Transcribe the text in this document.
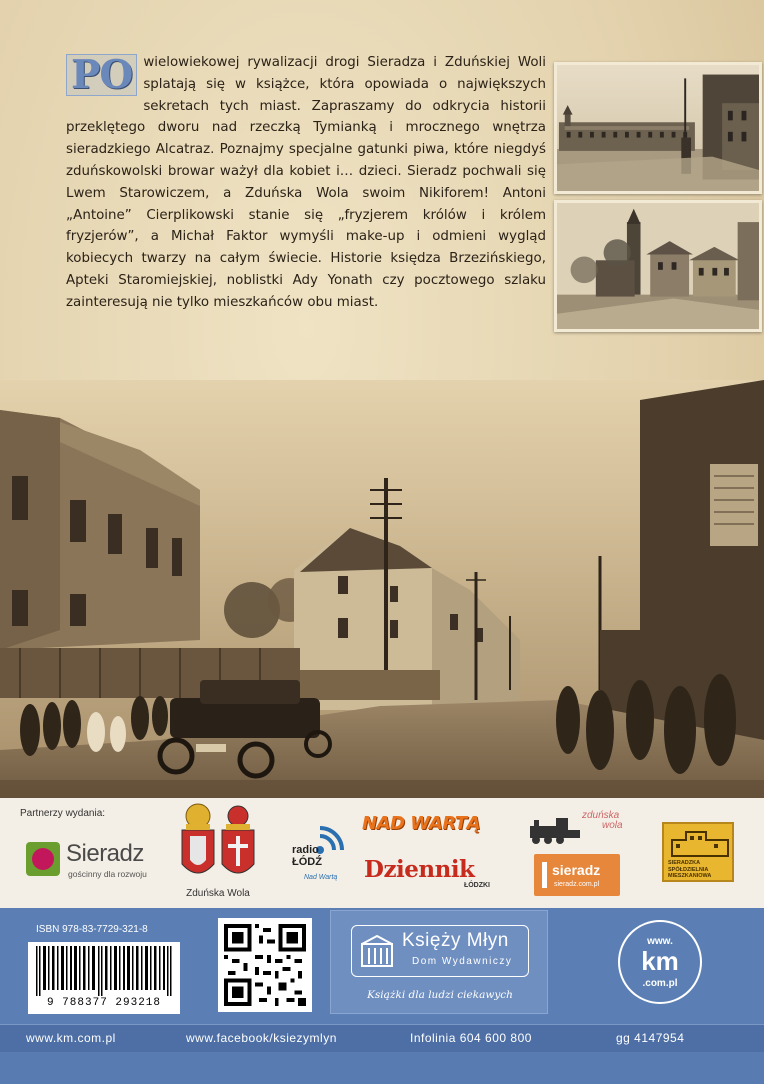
PO wielowiekowej rywalizacji drogi Sieradza i Zduńskiej Woli splatają się w książce, która opowiada o największych sekretach tych miast. Zapraszamy do odkrycia historii przeklętego dworu nad rzeczką Tymianką i mrocznego wnętrza sieradzkiego Alcatraz. Poznajmy specjalne gatunki piwa, które niegdyś zduńskowolski browar ważył dla kobiet i… dzieci. Sieradz pochwali się Lwem Starowiczem, a Zduńska Wola swoim Nikiforem! Antoni „Antoine” Cierplikowski stanie się „fryzjerem królów i królem fryzjerów”, a Michał Faktor wymyśli make-up i odmieni wygląd kobiecych twarzy na całym świecie. Historie księdza Brzezińskiego, Apteki Staromiejskiej, noblistki Ady Yonath czy pocztowego szlaku zainteresują nie tylko mieszkańców obu miast.
Partnerzy wydania:
Sieradz
gościnny dla rozwoju
Zduńska Wola
radio
ŁÓDŹ
Nad Wartą
NAD WARTĄ
Dziennik
ŁÓDZKI
zduńska
wola
sieradz
sieradz.com.pl
SIERADZKA SPÓŁDZIELNIA MIESZKANIOWA
ISBN 978-83-7729-321-8
9 788377 293218
Księży Młyn
Dom Wydawniczy
Książki dla ludzi ciekawych
www.
km
.com.pl
www.km.com.pl	www.facebook/ksiezymlyn	Infolinia 604 600 800	gg 4147954
